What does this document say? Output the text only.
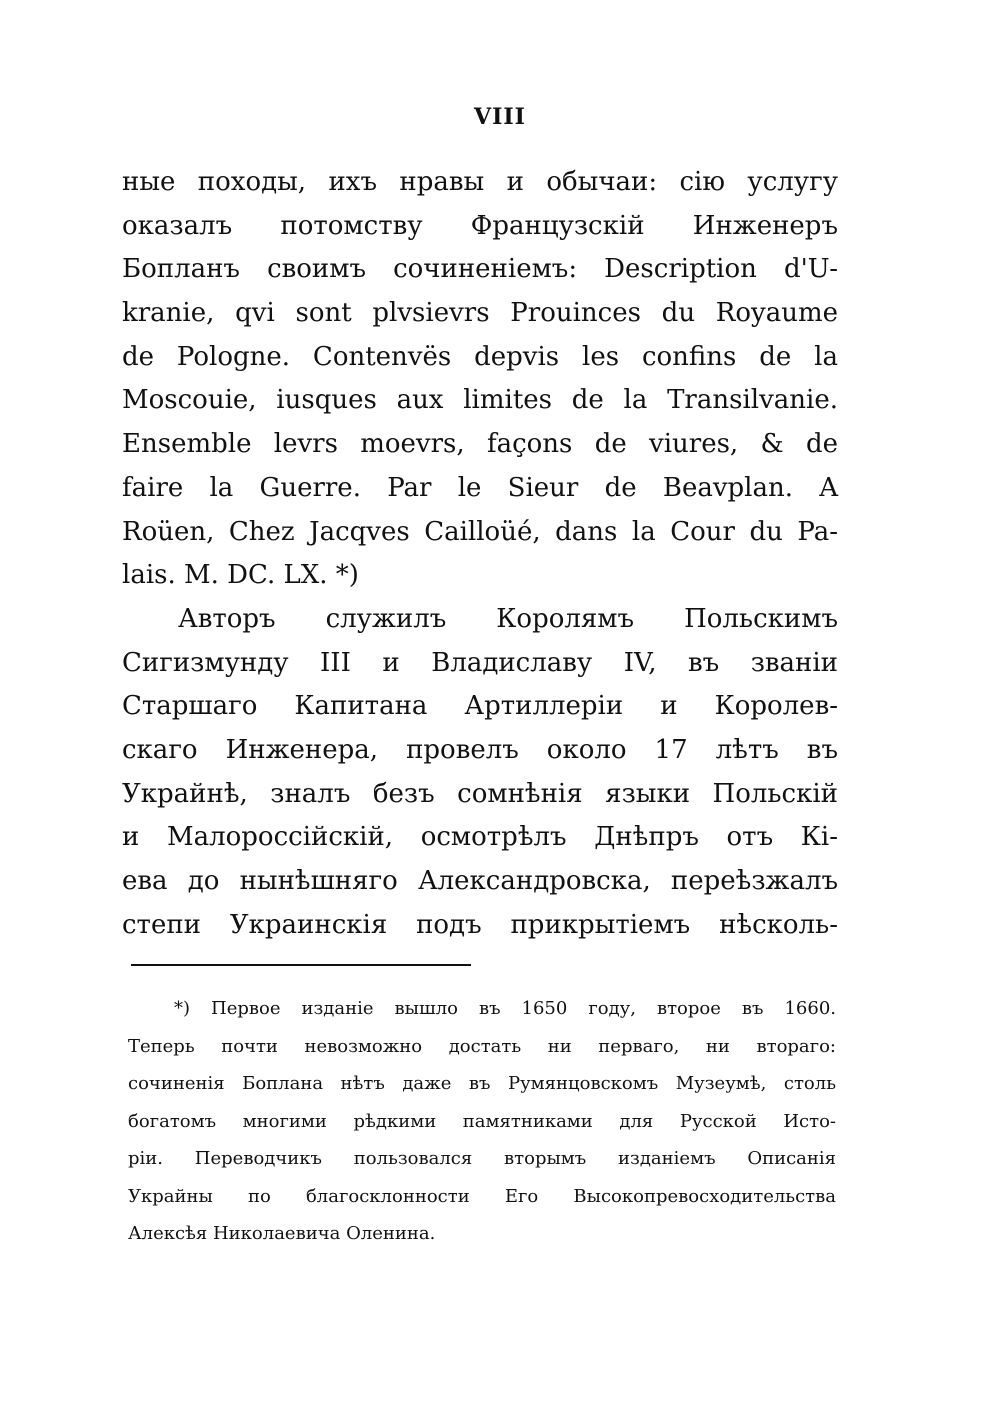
VIII
ные походы, ихъ нравы и обычаи: сiю услугу
оказалъ потомству Французскiй Инженеръ
Бопланъ своимъ сочиненiемъ: Description d'U-
kranie, qvi sont plvsievrs Prouinces du Royaume
de Pologne. Contenvës depvis les confins de la
Moscouie, iusques aux limites de la Transilvanie.
Ensemble levrs moevrs, façons de viures, & de
faire la Guerre. Par le Sieur de Beavplan. A
Roüen, Chez Jacqves Cailloüé, dans la Cour du Pa-
lais. M. DC. LX. *)
Авторъ служилъ Королямъ Польскимъ
Сигизмунду III и Владиславу IV, въ званiи
Старшаго Капитана Артиллерiи и Королев-
скаго Инженера, провелъ около 17 лѣтъ въ
Украйнѣ, зналъ безъ сомнѣнiя языки Польскiй
и Малороссiйскiй, осмотрѣлъ Днѣпръ отъ Кi-
ева до нынѣшняго Александровска, переѣзжалъ
степи Украинскiя подъ прикрытiемъ нѣсколь-
*) Первое изданiе вышло въ 1650 году, второе въ 1660.
Теперь почти невозможно достать ни перваго, ни втораго:
сочиненiя Боплана нѣтъ даже въ Румянцовскомъ Музеумѣ, столь
богатомъ многими рѣдкими памятниками для Русской Исто-
рiи. Переводчикъ пользовался вторымъ изданiемъ Описанiя
Украйны по благосклонности Его Высокопревосходительства
Алексѣя Николаевича Оленина.
